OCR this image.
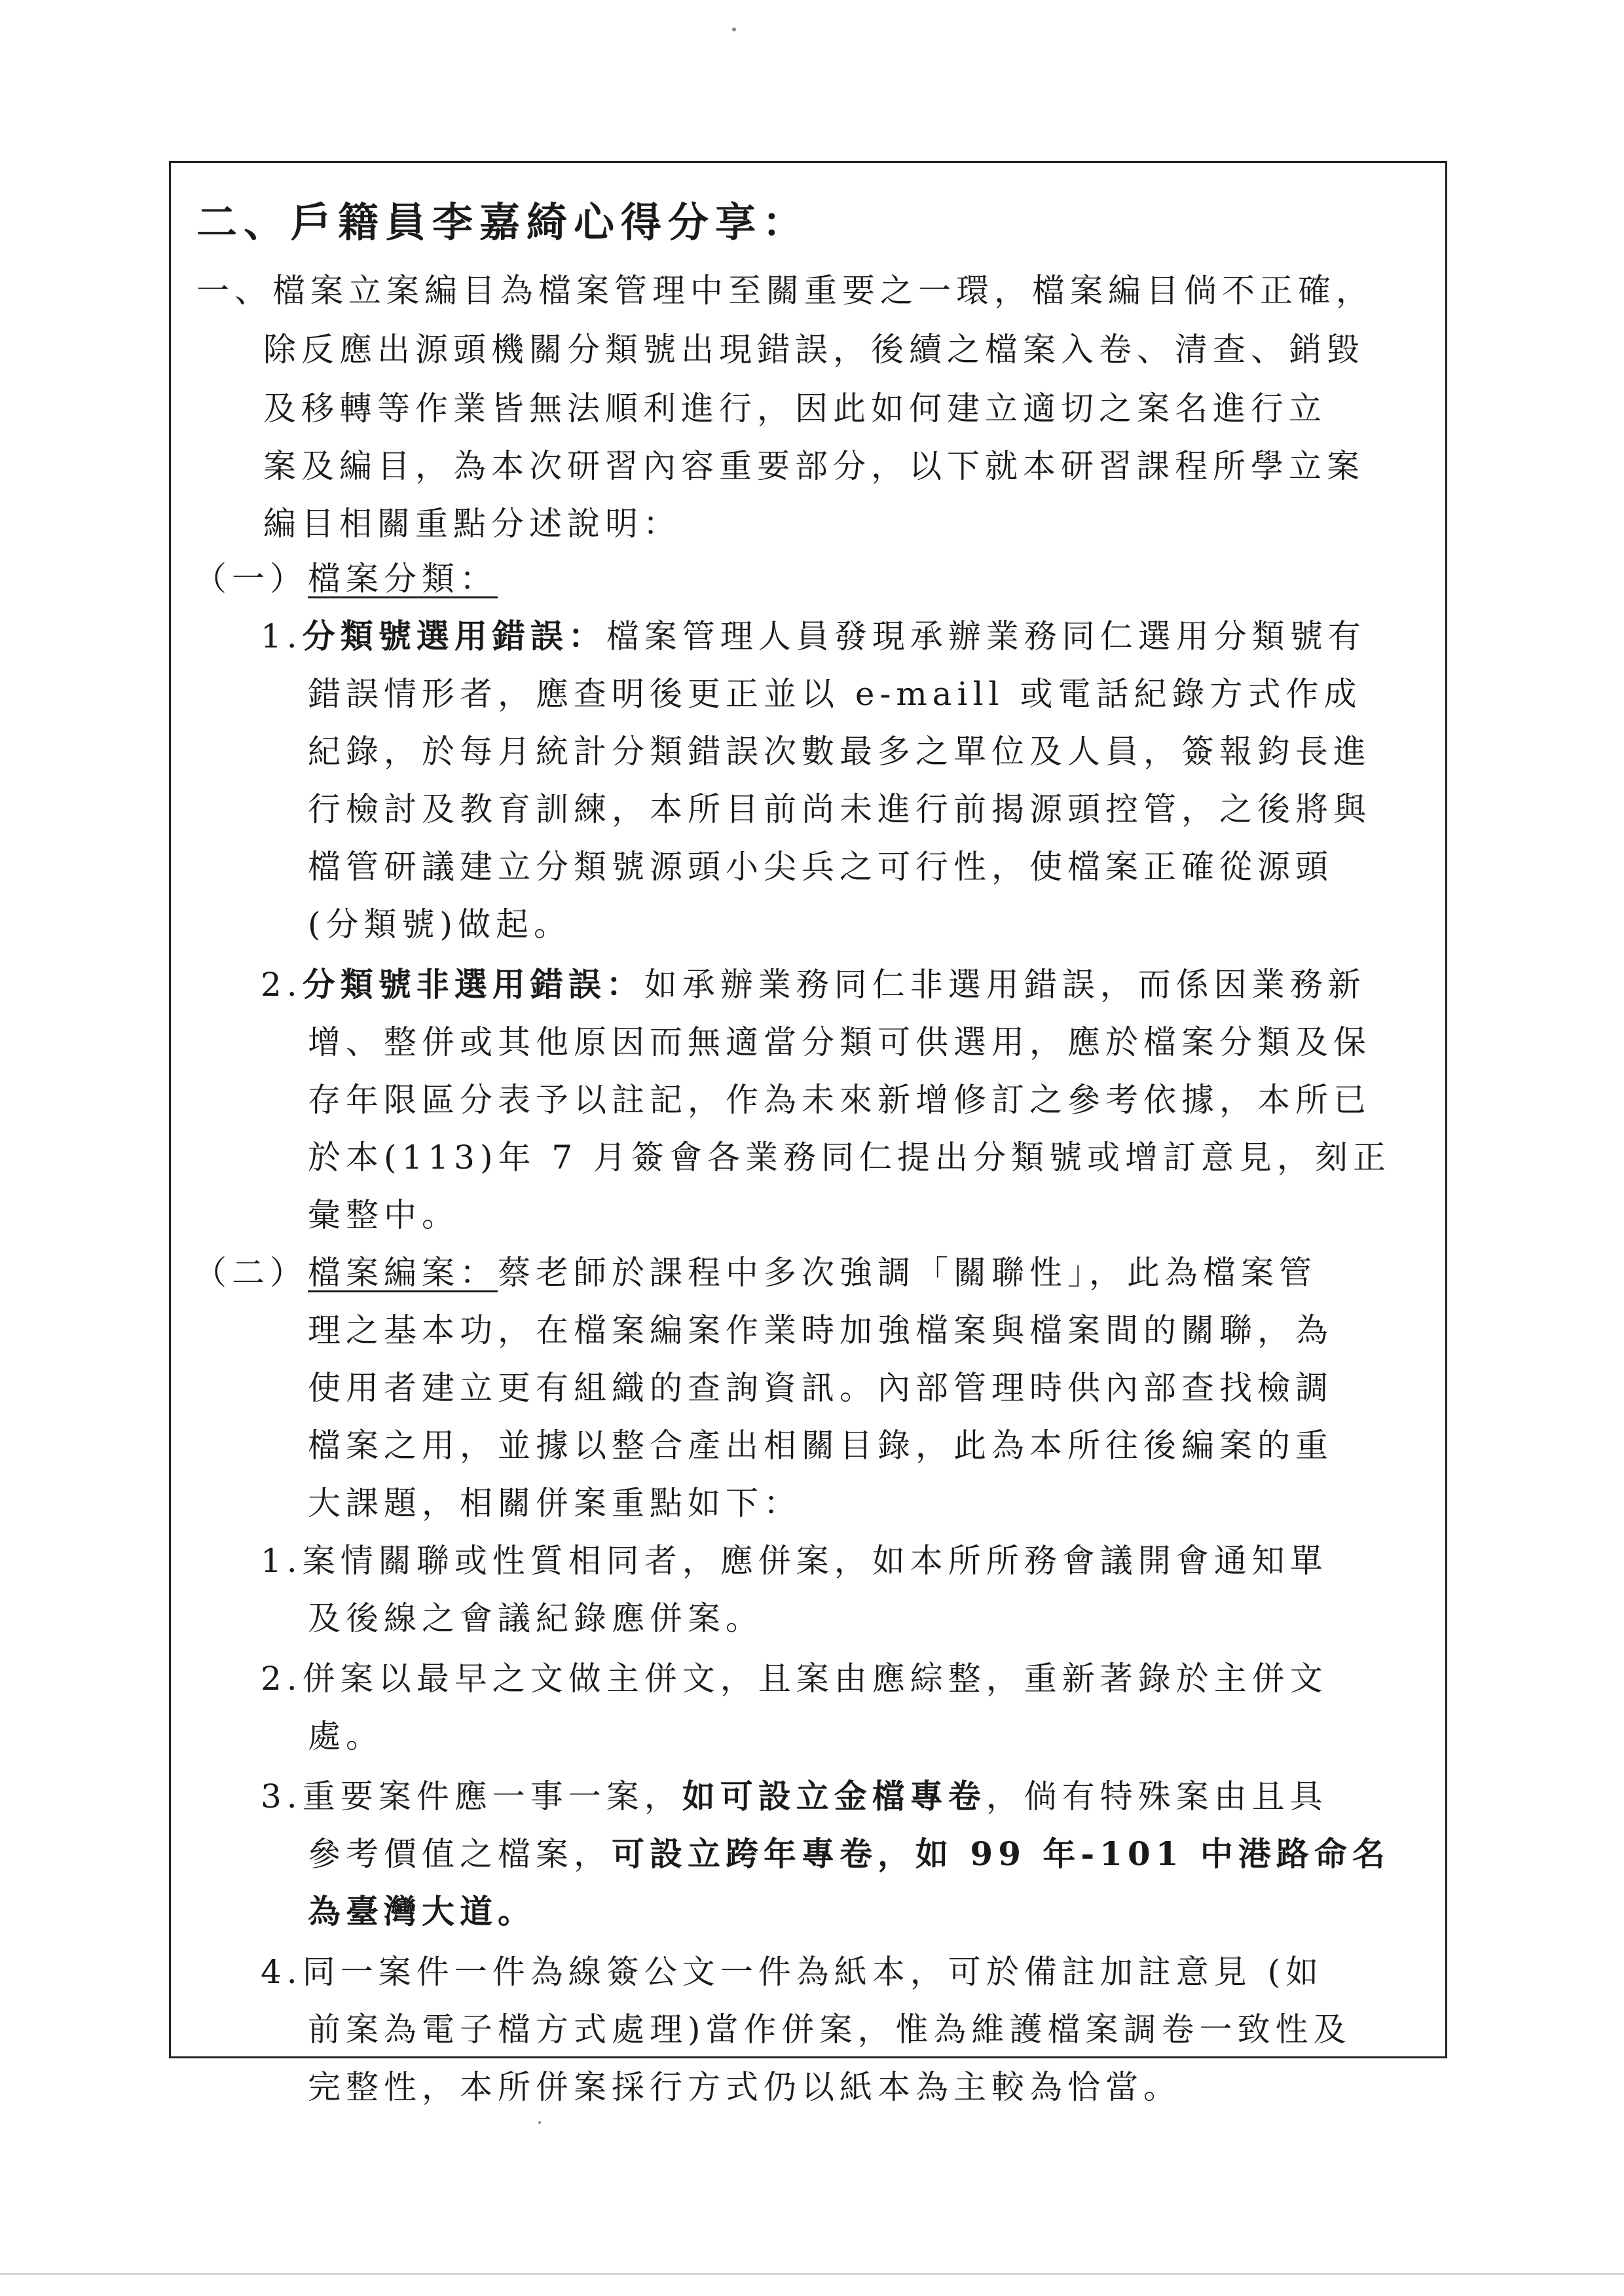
二、戶籍員李嘉綺心得分享：
一、檔案立案編目為檔案管理中至關重要之一環，檔案編目倘不正確，
除反應出源頭機關分類號出現錯誤，後續之檔案入卷、清查、銷毀
及移轉等作業皆無法順利進行，因此如何建立適切之案名進行立
案及編目，為本次研習內容重要部分，以下就本研習課程所學立案
編目相關重點分述說明：
（一）檔案分類：
1.分類號選用錯誤：檔案管理人員發現承辦業務同仁選用分類號有
錯誤情形者，應查明後更正並以 e-maill 或電話紀錄方式作成
紀錄，於每月統計分類錯誤次數最多之單位及人員，簽報鈞長進
行檢討及教育訓練，本所目前尚未進行前揭源頭控管，之後將與
檔管研議建立分類號源頭小尖兵之可行性，使檔案正確從源頭
(分類號)做起。
2.分類號非選用錯誤：如承辦業務同仁非選用錯誤，而係因業務新
增、整併或其他原因而無適當分類可供選用，應於檔案分類及保
存年限區分表予以註記，作為未來新增修訂之參考依據，本所已
於本(113)年 7 月簽會各業務同仁提出分類號或增訂意見，刻正
彙整中。
（二）檔案編案：蔡老師於課程中多次強調「關聯性」，此為檔案管
理之基本功，在檔案編案作業時加強檔案與檔案間的關聯，為
使用者建立更有組織的查詢資訊。內部管理時供內部查找檢調
檔案之用，並據以整合產出相關目錄，此為本所往後編案的重
大課題，相關併案重點如下：
1.案情關聯或性質相同者，應併案，如本所所務會議開會通知單
及後線之會議紀錄應併案。
2.併案以最早之文做主併文，且案由應綜整，重新著錄於主併文
處。
3.重要案件應一事一案，如可設立金檔專卷，倘有特殊案由且具
參考價值之檔案，可設立跨年專卷，如 99 年-101 中港路命名
為臺灣大道。
4.同一案件一件為線簽公文一件為紙本，可於備註加註意見 (如
前案為電子檔方式處理)當作併案，惟為維護檔案調卷一致性及
完整性，本所併案採行方式仍以紙本為主較為恰當。
